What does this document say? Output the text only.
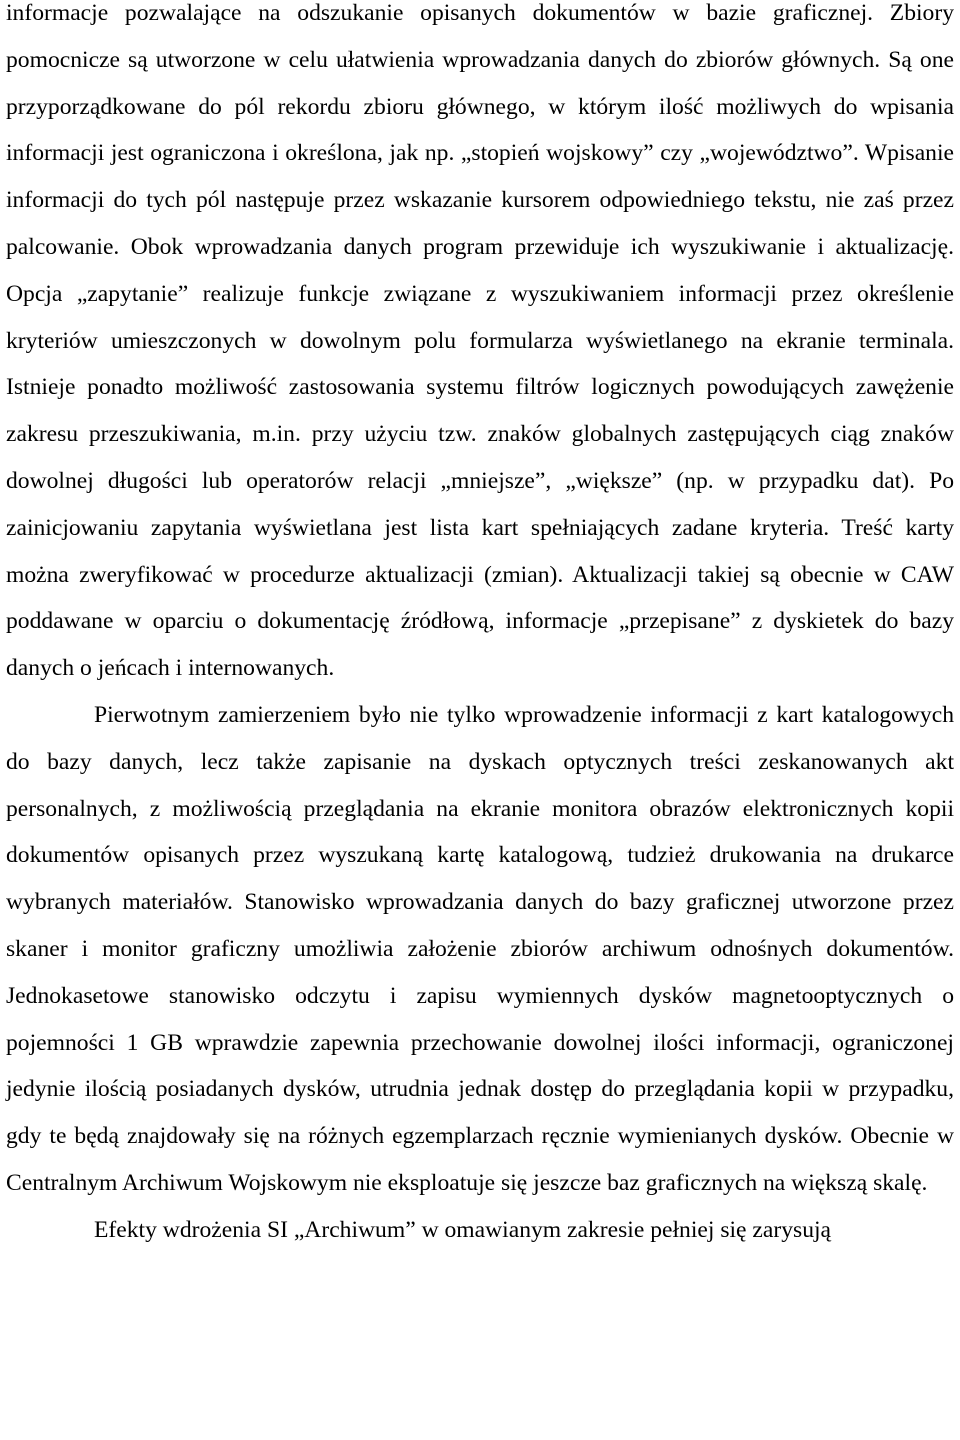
informacje pozwalające na odszukanie opisanych dokumentów w bazie graficznej. Zbiory pomocnicze są utworzone w celu ułatwienia wprowadzania danych do zbiorów głównych. Są one przyporządkowane do pól rekordu zbioru głównego, w którym ilość możliwych do wpisania informacji jest ograniczona i określona, jak np. „stopień wojskowy” czy „województwo”. Wpisanie informacji do tych pól następuje przez wskazanie kursorem odpowiedniego tekstu, nie zaś przez palcowanie. Obok wprowadzania danych program przewiduje ich wyszukiwanie i aktualizację. Opcja „zapytanie” realizuje funkcje związane z wyszukiwaniem informacji przez określenie kryteriów umieszczonych w dowolnym polu formularza wyświetlanego na ekranie terminala. Istnieje ponadto możliwość zastosowania systemu filtrów logicznych powodujących zawężenie zakresu przeszukiwania, m.in. przy użyciu tzw. znaków globalnych zastępujących ciąg znaków dowolnej długości lub operatorów relacji „mniejsze”, „większe” (np. w przypadku dat). Po zainicjowaniu zapytania wyświetlana jest lista kart spełniających zadane kryteria. Treść karty można zweryfikować w procedurze aktualizacji (zmian). Aktualizacji takiej są obecnie w CAW poddawane w oparciu o dokumentację źródłową, informacje „przepisane” z dyskietek do bazy danych o jeńcach i internowanych.

Pierwotnym zamierzeniem było nie tylko wprowadzenie informacji z kart katalogowych do bazy danych, lecz także zapisanie na dyskach optycznych treści zeskanowanych akt personalnych, z możliwością przeglądania na ekranie monitora obrazów elektronicznych kopii dokumentów opisanych przez wyszukaną kartę katalogową, tudzież drukowania na drukarce wybranych materiałów. Stanowisko wprowadzania danych do bazy graficznej utworzone przez skaner i monitor graficzny umożliwia założenie zbiorów archiwum odnośnych dokumentów. Jednokasetowe stanowisko odczytu i zapisu wymiennych dysków magnetooptycznych o pojemności 1 GB wprawdzie zapewnia przechowanie dowolnej ilości informacji, ograniczonej jedynie ilością posiadanych dysków, utrudnia jednak dostęp do przeglądania kopii w przypadku, gdy te będą znajdowały się na różnych egzemplarzach ręcznie wymienianych dysków. Obecnie w Centralnym Archiwum Wojskowym nie eksploatuje się jeszcze baz graficznych na większą skalę.

Efekty wdrożenia SI „Archiwum” w omawianym zakresie pełniej się zarysują
